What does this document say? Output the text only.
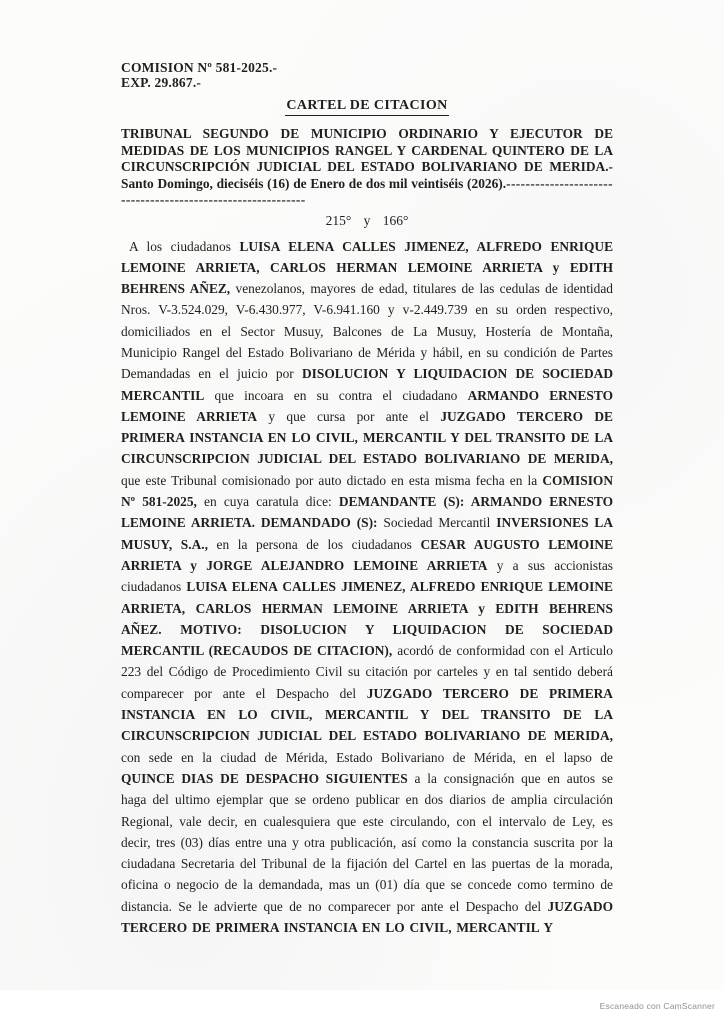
COMISION Nº 581-2025.-
EXP. 29.867.-
CARTEL DE CITACION

TRIBUNAL SEGUNDO DE MUNICIPIO ORDINARIO Y EJECUTOR DE MEDIDAS DE LOS MUNICIPIOS RANGEL Y CARDENAL QUINTERO DE LA CIRCUNSCRIPCIÓN JUDICIAL DEL ESTADO BOLIVARIANO DE MERIDA.- Santo Domingo, dieciséis (16) de Enero de dos mil veintiséis (2026).------------------------------------------------------------

215° y 166°

A los ciudadanos LUISA ELENA CALLES JIMENEZ, ALFREDO ENRIQUE LEMOINE ARRIETA, CARLOS HERMAN LEMOINE ARRIETA y EDITH BEHRENS AÑEZ, venezolanos, mayores de edad, titulares de las cedulas de identidad Nros. V-3.524.029, V-6.430.977, V-6.941.160 y v-2.449.739 en su orden respectivo, domiciliados en el Sector Musuy, Balcones de La Musuy, Hostería de Montaña, Municipio Rangel del Estado Bolivariano de Mérida y hábil, en su condición de Partes Demandadas en el juicio por DISOLUCION Y LIQUIDACION DE SOCIEDAD MERCANTIL que incoara en su contra el ciudadano ARMANDO ERNESTO LEMOINE ARRIETA y que cursa por ante el JUZGADO TERCERO DE PRIMERA INSTANCIA EN LO CIVIL, MERCANTIL Y DEL TRANSITO DE LA CIRCUNSCRIPCION JUDICIAL DEL ESTADO BOLIVARIANO DE MERIDA, que este Tribunal comisionado por auto dictado en esta misma fecha en la COMISION Nº 581-2025, en cuya caratula dice: DEMANDANTE (S): ARMANDO ERNESTO LEMOINE ARRIETA. DEMANDADO (S): Sociedad Mercantil INVERSIONES LA MUSUY, S.A., en la persona de los ciudadanos CESAR AUGUSTO LEMOINE ARRIETA y JORGE ALEJANDRO LEMOINE ARRIETA y a sus accionistas ciudadanos LUISA ELENA CALLES JIMENEZ, ALFREDO ENRIQUE LEMOINE ARRIETA, CARLOS HERMAN LEMOINE ARRIETA y EDITH BEHRENS AÑEZ. MOTIVO: DISOLUCION Y LIQUIDACION DE SOCIEDAD MERCANTIL (RECAUDOS DE CITACION), acordó de conformidad con el Articulo 223 del Código de Procedimiento Civil su citación por carteles y en tal sentido deberá comparecer por ante el Despacho del JUZGADO TERCERO DE PRIMERA INSTANCIA EN LO CIVIL, MERCANTIL Y DEL TRANSITO DE LA CIRCUNSCRIPCION JUDICIAL DEL ESTADO BOLIVARIANO DE MERIDA, con sede en la ciudad de Mérida, Estado Bolivariano de Mérida, en el lapso de QUINCE DIAS DE DESPACHO SIGUIENTES a la consignación que en autos se haga del ultimo ejemplar que se ordeno publicar en dos diarios de amplia circulación Regional, vale decir, en cualesquiera que este circulando, con el intervalo de Ley, es decir, tres (03) días entre una y otra publicación, así como la constancia suscrita por la ciudadana Secretaria del Tribunal de la fijación del Cartel en las puertas de la morada, oficina o negocio de la demandada, mas un (01) día que se concede como termino de distancia. Se le advierte que de no comparecer por ante el Despacho del JUZGADO TERCERO DE PRIMERA INSTANCIA EN LO CIVIL, MERCANTIL Y

Escaneado con CamScanner
